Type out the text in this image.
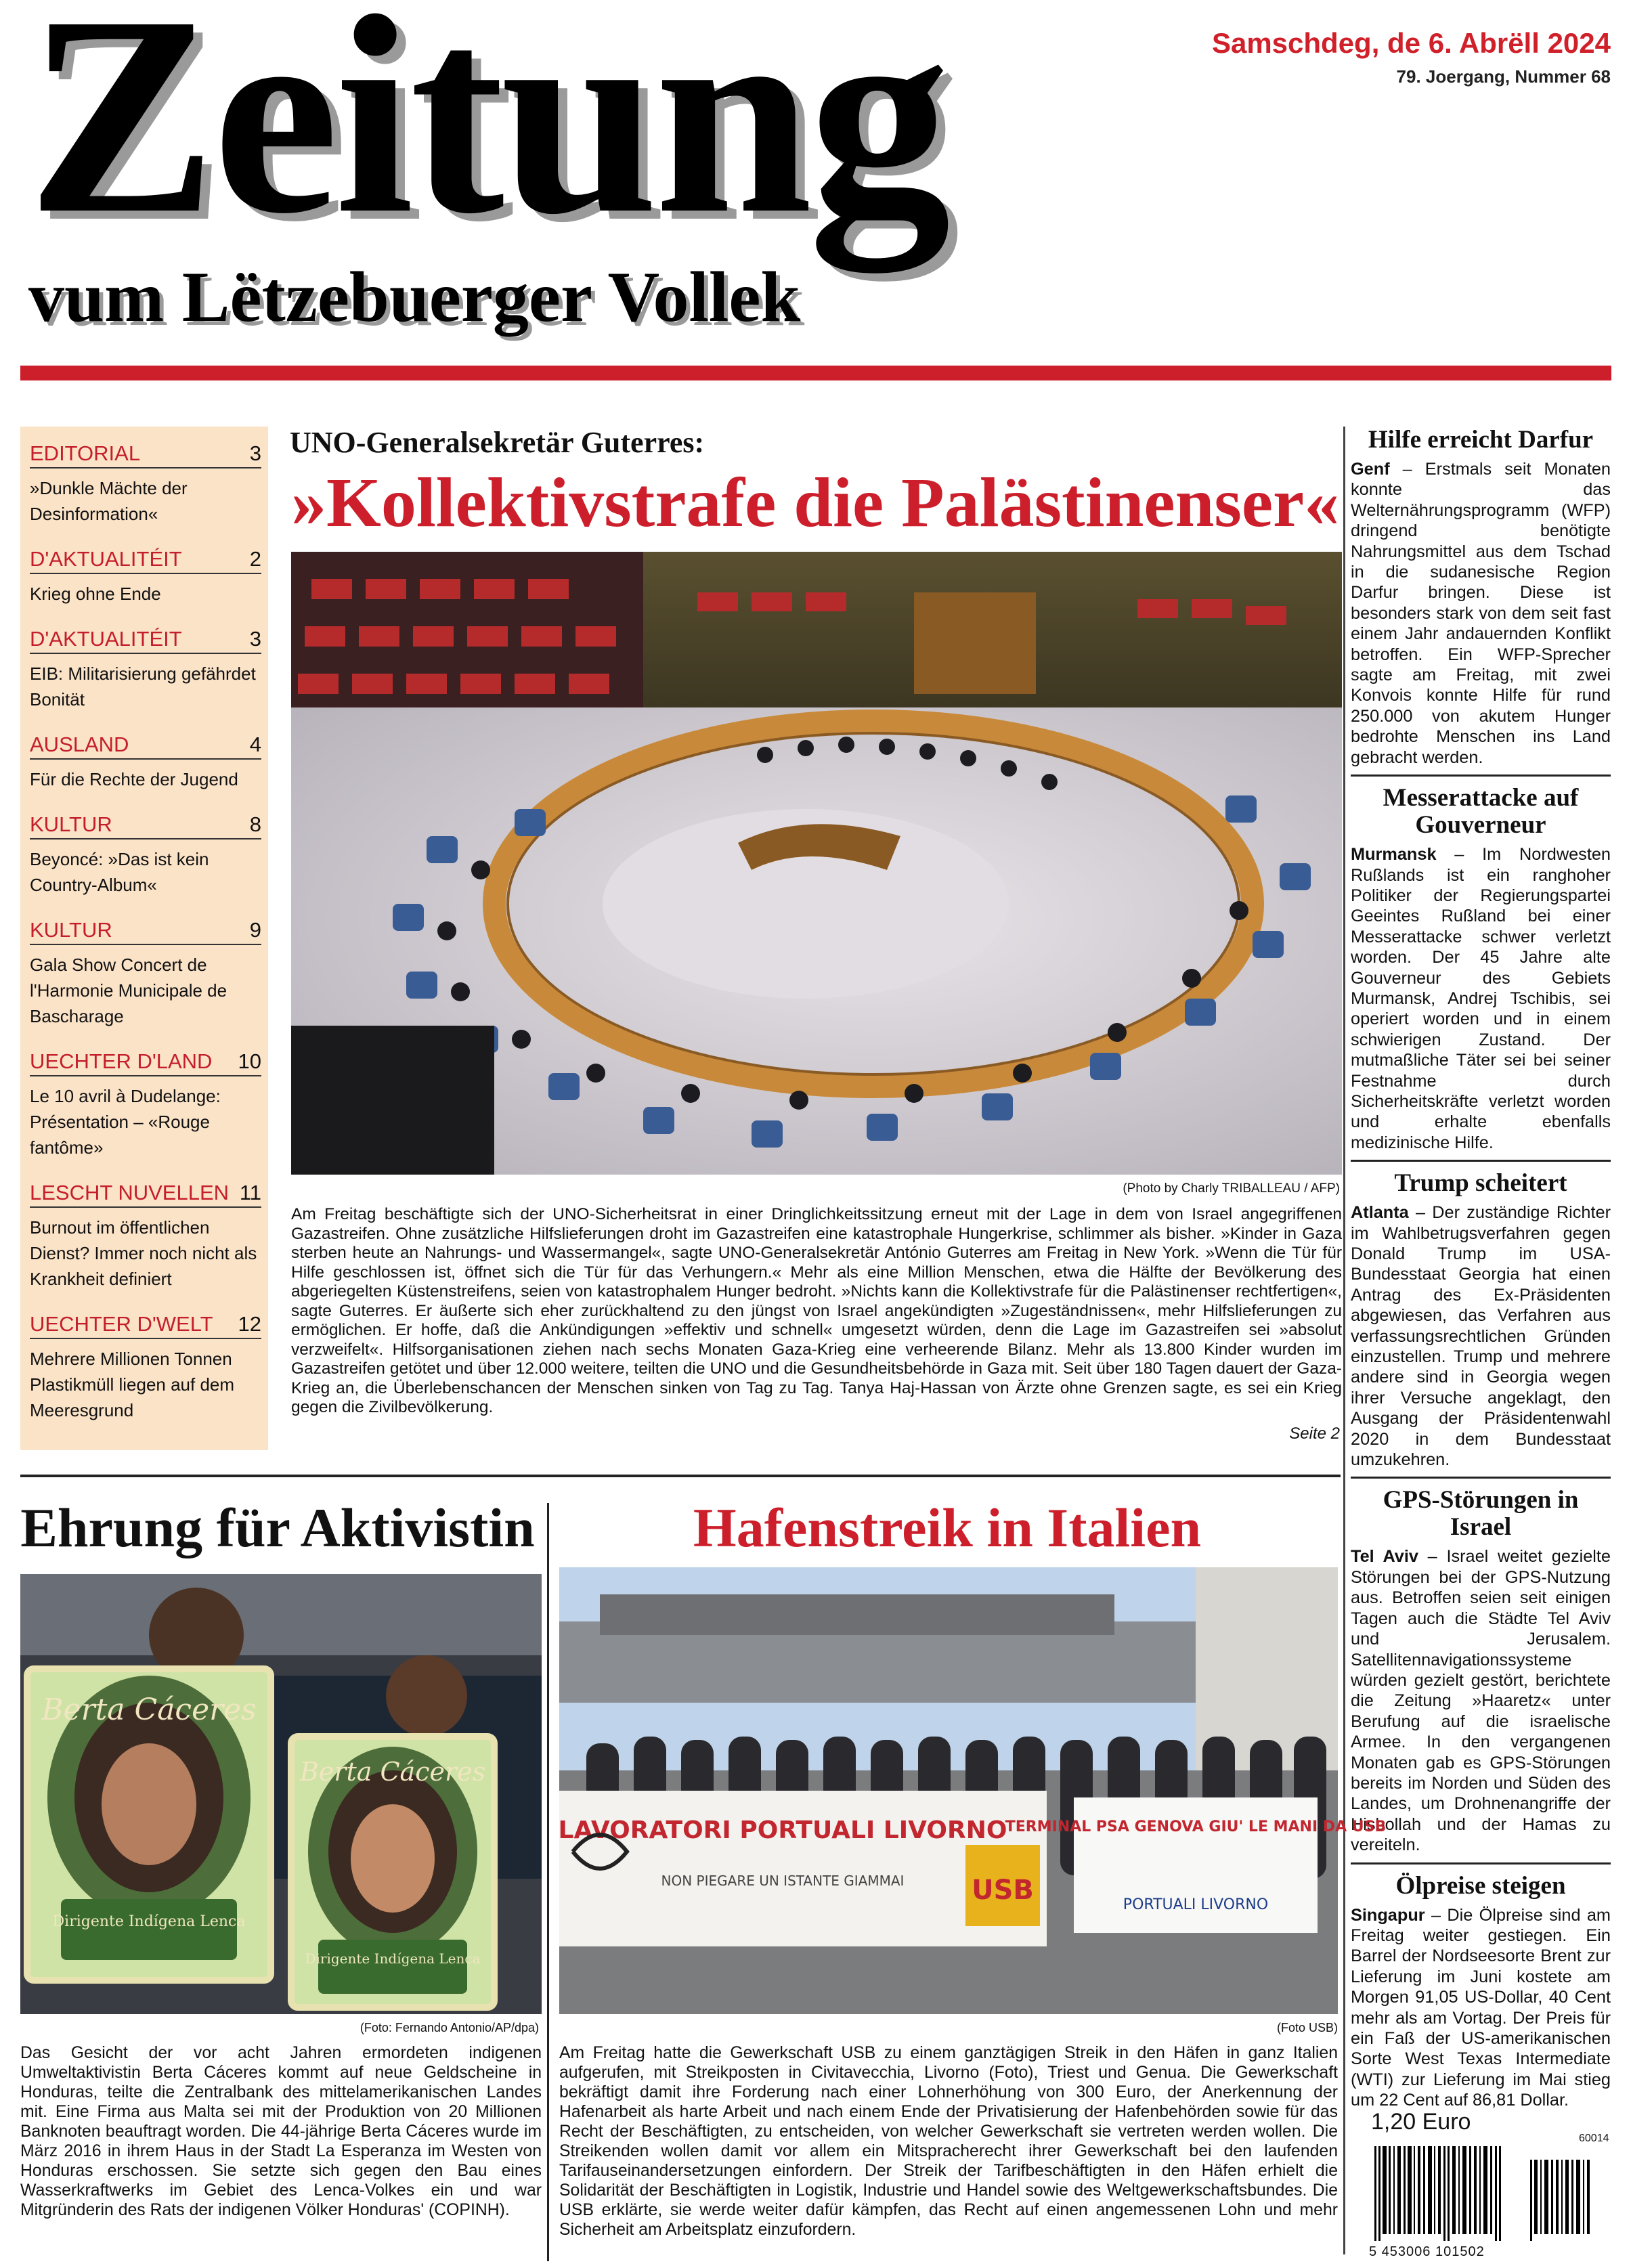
Zeitung
vum Lëtzebuerger Vollek
Samschdeg, de 6. Abrëll 2024
79. Joergang, Nummer 68
EDITORIAL	3
»Dunkle Mächte der Desinformation«
D'AKTUALITÉIT	2
Krieg ohne Ende
D'AKTUALITÉIT	3
EIB: Militarisierung gefährdet Bonität
AUSLAND	4
Für die Rechte der Jugend
KULTUR	8
Beyoncé: »Das ist kein Country-Album«
KULTUR	9
Gala Show Concert de l'Harmonie Municipale de Bascharage
UECHTER D'LAND 10
Le 10 avril à Dudelange: Présentation – «Rouge fantôme»
LESCHT NUVELLEN 11
Burnout im öffentlichen Dienst? Immer noch nicht als Krankheit definiert
UECHTER D'WELT 12
Mehrere Millionen Tonnen Plastikmüll liegen auf dem Meeresgrund
UNO-Generalsekretär Guterres:
»Kollektivstrafe die Palästinenser«
(Photo by Charly TRIBALLEAU / AFP)
Am Freitag beschäftigte sich der UNO-Sicherheitsrat in einer Dringlichkeitssitzung erneut mit der Lage in dem von Israel angegriffenen Gazastreifen. Ohne zusätzliche Hilfslieferungen droht im Gazastreifen eine katastrophale Hungerkrise, schlimmer als bisher. »Kinder in Gaza sterben heute an Nahrungs- und Wassermangel«, sagte UNO-Generalsekretär António Guterres am Freitag in New York. »Wenn die Tür für Hilfe geschlossen ist, öffnet sich die Tür für das Verhungern.« Mehr als eine Million Menschen, etwa die Hälfte der Bevölkerung des abgeriegelten Küstenstreifens, seien von katastrophalem Hunger bedroht. »Nichts kann die Kollektivstrafe für die Palästinenser rechtfertigen«, sagte Guterres. Er äußerte sich eher zurückhaltend zu den jüngst von Israel angekündigten »Zugeständnissen«, mehr Hilfslieferungen zu ermöglichen. Er hoffe, daß die Ankündigungen »effektiv und schnell« umgesetzt würden, denn die Lage im Gazastreifen sei »absolut verzweifelt«. Hilfsorganisationen ziehen nach sechs Monaten Gaza-Krieg eine verheerende Bilanz. Mehr als 13.800 Kinder wurden im Gazastreifen getötet und über 12.000 weitere, teilten die UNO und die Gesundheitsbehörde in Gaza mit. Seit über 180 Tagen dauert der Gaza-Krieg an, die Überlebenschancen der Menschen sinken von Tag zu Tag. Tanya Haj-Hassan von Ärzte ohne Grenzen sagte, es sei ein Krieg gegen die Zivilbevölkerung.
Seite 2
Hilfe erreicht Darfur
Genf – Erstmals seit Monaten konnte das Welternährungsprogramm (WFP) dringend benötigte Nahrungsmittel aus dem Tschad in die sudanesische Region Darfur bringen. Diese ist besonders stark von dem seit fast einem Jahr andauernden Konflikt betroffen. Ein WFP-Sprecher sagte am Freitag, mit zwei Konvois konnte Hilfe für rund 250.000 von akutem Hunger bedrohte Menschen ins Land gebracht werden.
Messerattacke auf Gouverneur
Murmansk – Im Nordwesten Rußlands ist ein ranghoher Politiker der Regierungspartei Geeintes Rußland bei einer Messerattacke schwer verletzt worden. Der 45 Jahre alte Gouverneur des Gebiets Murmansk, Andrej Tschibis, sei operiert worden und in einem schwierigen Zustand. Der mutmaßliche Täter sei bei seiner Festnahme durch Sicherheitskräfte verletzt worden und erhalte ebenfalls medizinische Hilfe.
Trump scheitert
Atlanta – Der zuständige Richter im Wahlbetrugsverfahren gegen Donald Trump im USA-Bundesstaat Georgia hat einen Antrag des Ex-Präsidenten abgewiesen, das Verfahren aus verfassungsrechtlichen Gründen einzustellen. Trump und mehrere andere sind in Georgia wegen ihrer Versuche angeklagt, den Ausgang der Präsidentenwahl 2020 in dem Bundesstaat umzukehren.
GPS-Störungen in Israel
Tel Aviv – Israel weitet gezielte Störungen bei der GPS-Nutzung aus. Betroffen seien seit einigen Tagen auch die Städte Tel Aviv und Jerusalem. Satellitennavigationssysteme würden gezielt gestört, berichtete die Zeitung »Haaretz« unter Berufung auf die israelische Armee. In den vergangenen Monaten gab es GPS-Störungen bereits im Norden und Süden des Landes, um Drohnenangriffe der Hisbollah und der Hamas zu vereiteln.
Ölpreise steigen
Singapur – Die Ölpreise sind am Freitag weiter gestiegen. Ein Barrel der Nordseesorte Brent zur Lieferung im Juni kostete am Morgen 91,05 US-Dollar, 40 Cent mehr als am Vortag. Der Preis für ein Faß der US-amerikanischen Sorte West Texas Intermediate (WTI) zur Lieferung im Mai stieg um 22 Cent auf 86,81 Dollar.
1,20 Euro
60014
5 453006 101502
Ehrung für Aktivistin
Berta Cáceres
Dirigente Indígena Lenca
Berta Cáceres
Dirigente Indígena Lenca
(Foto: Fernando Antonio/AP/dpa)
Das Gesicht der vor acht Jahren ermordeten indigenen Umweltaktivistin Berta Cáceres kommt auf neue Geldscheine in Honduras, teilte die Zentralbank des mittelamerikanischen Landes mit. Eine Firma aus Malta sei mit der Produktion von 20 Millionen Banknoten beauftragt worden. Die 44-jährige Berta Cáceres wurde im März 2016 in ihrem Haus in der Stadt La Esperanza im Westen von Honduras erschossen. Sie setzte sich gegen den Bau eines Wasserkraftwerks im Gebiet des Lenca-Volkes ein und war Mitgründerin des Rats der indigenen Völker Honduras' (COPINH).
Hafenstreik in Italien
LAVORATORI PORTUALI LIVORNO
NON PIEGARE UN ISTANTE GIAMMAI USB
TERMINAL PSA GENOVA GIU' LE MANI DA USB
PORTUALI LIVORNO
(Foto USB)
Am Freitag hatte die Gewerkschaft USB zu einem ganztägigen Streik in den Häfen in ganz Italien aufgerufen, mit Streikposten in Civitavecchia, Livorno (Foto), Triest und Genua. Die Gewerkschaft bekräftigt damit ihre Forderung nach einer Lohnerhöhung von 300 Euro, der Anerkennung der Hafenarbeit als harte Arbeit und nach einem Ende der Privatisierung der Hafenbehörden sowie für das Recht der Beschäftigten, zu entscheiden, von welcher Gewerkschaft sie vertreten werden wollen. Die Streikenden wollen damit vor allem ein Mitspracherecht ihrer Gewerkschaft bei den laufenden Tarifauseinandersetzungen einfordern. Der Streik der Tarifbeschäftigten in den Häfen erhielt die Solidarität der Beschäftigten in Logistik, Industrie und Handel sowie des Weltgewerkschaftsbundes. Die USB erklärte, sie werde weiter dafür kämpfen, das Recht auf einen angemessenen Lohn und mehr Sicherheit am Arbeitsplatz einzufordern.
